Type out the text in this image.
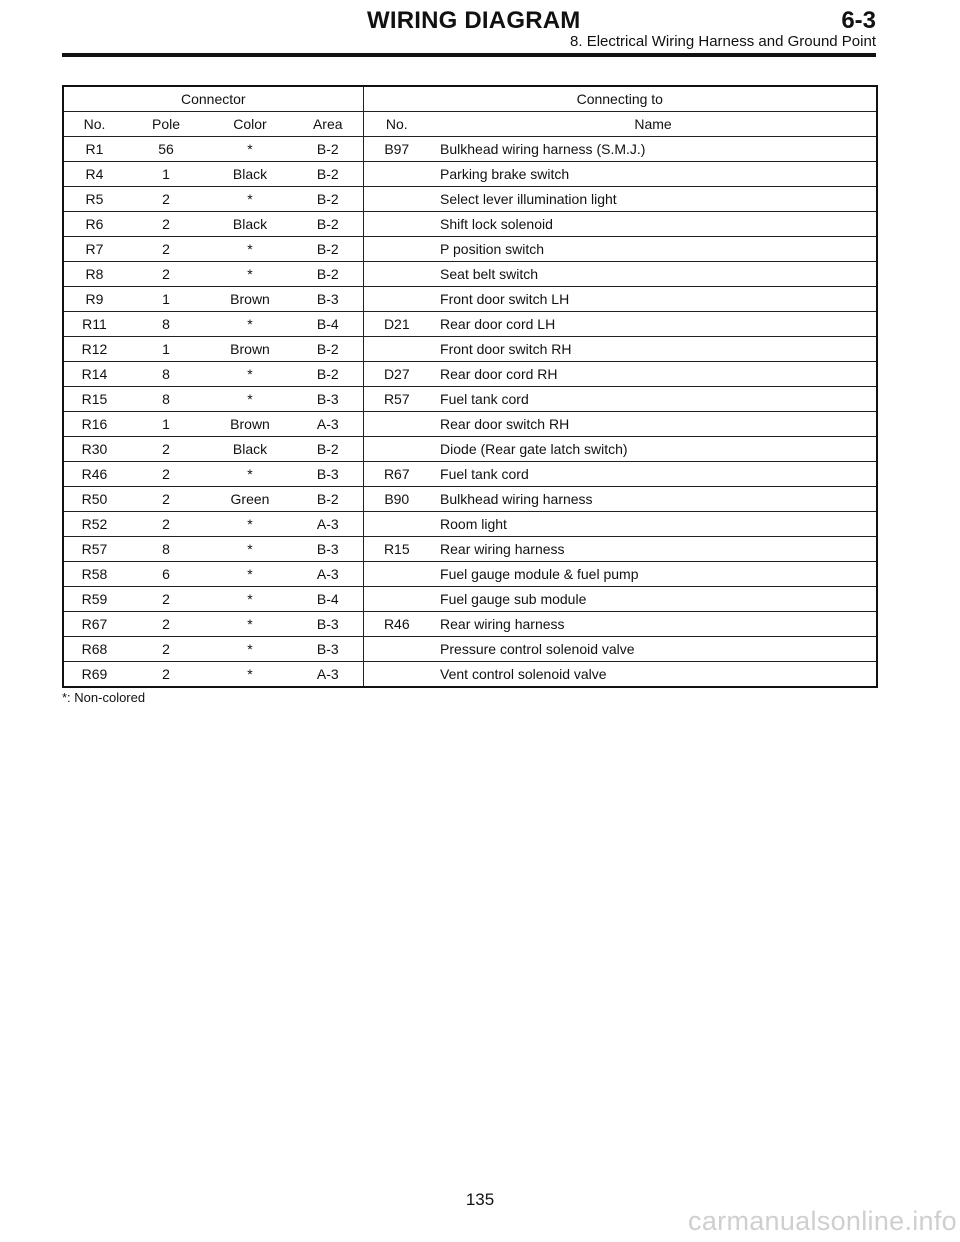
WIRING DIAGRAM	6-3
8. Electrical Wiring Harness and Ground Point
Connector				Connecting to	
No.	Pole	Color	Area	No.	Name
R1	56	*	B-2	B97	Bulkhead wiring harness (S.M.J.)
R4	1	Black	B-2		Parking brake switch
R5	2	*	B-2		Select lever illumination light
R6	2	Black	B-2		Shift lock solenoid
R7	2	*	B-2		P position switch
R8	2	*	B-2		Seat belt switch
R9	1	Brown	B-3		Front door switch LH
R11	8	*	B-4	D21	Rear door cord LH
R12	1	Brown	B-2		Front door switch RH
R14	8	*	B-2	D27	Rear door cord RH
R15	8	*	B-3	R57	Fuel tank cord
R16	1	Brown	A-3		Rear door switch RH
R30	2	Black	B-2		Diode (Rear gate latch switch)
R46	2	*	B-3	R67	Fuel tank cord
R50	2	Green	B-2	B90	Bulkhead wiring harness
R52	2	*	A-3		Room light
R57	8	*	B-3	R15	Rear wiring harness
R58	6	*	A-3		Fuel gauge module & fuel pump
R59	2	*	B-4		Fuel gauge sub module
R67	2	*	B-3	R46	Rear wiring harness
R68	2	*	B-3		Pressure control solenoid valve
R69	2	*	A-3		Vent control solenoid valve
*: Non-colored
135
carmanualsonline.info
